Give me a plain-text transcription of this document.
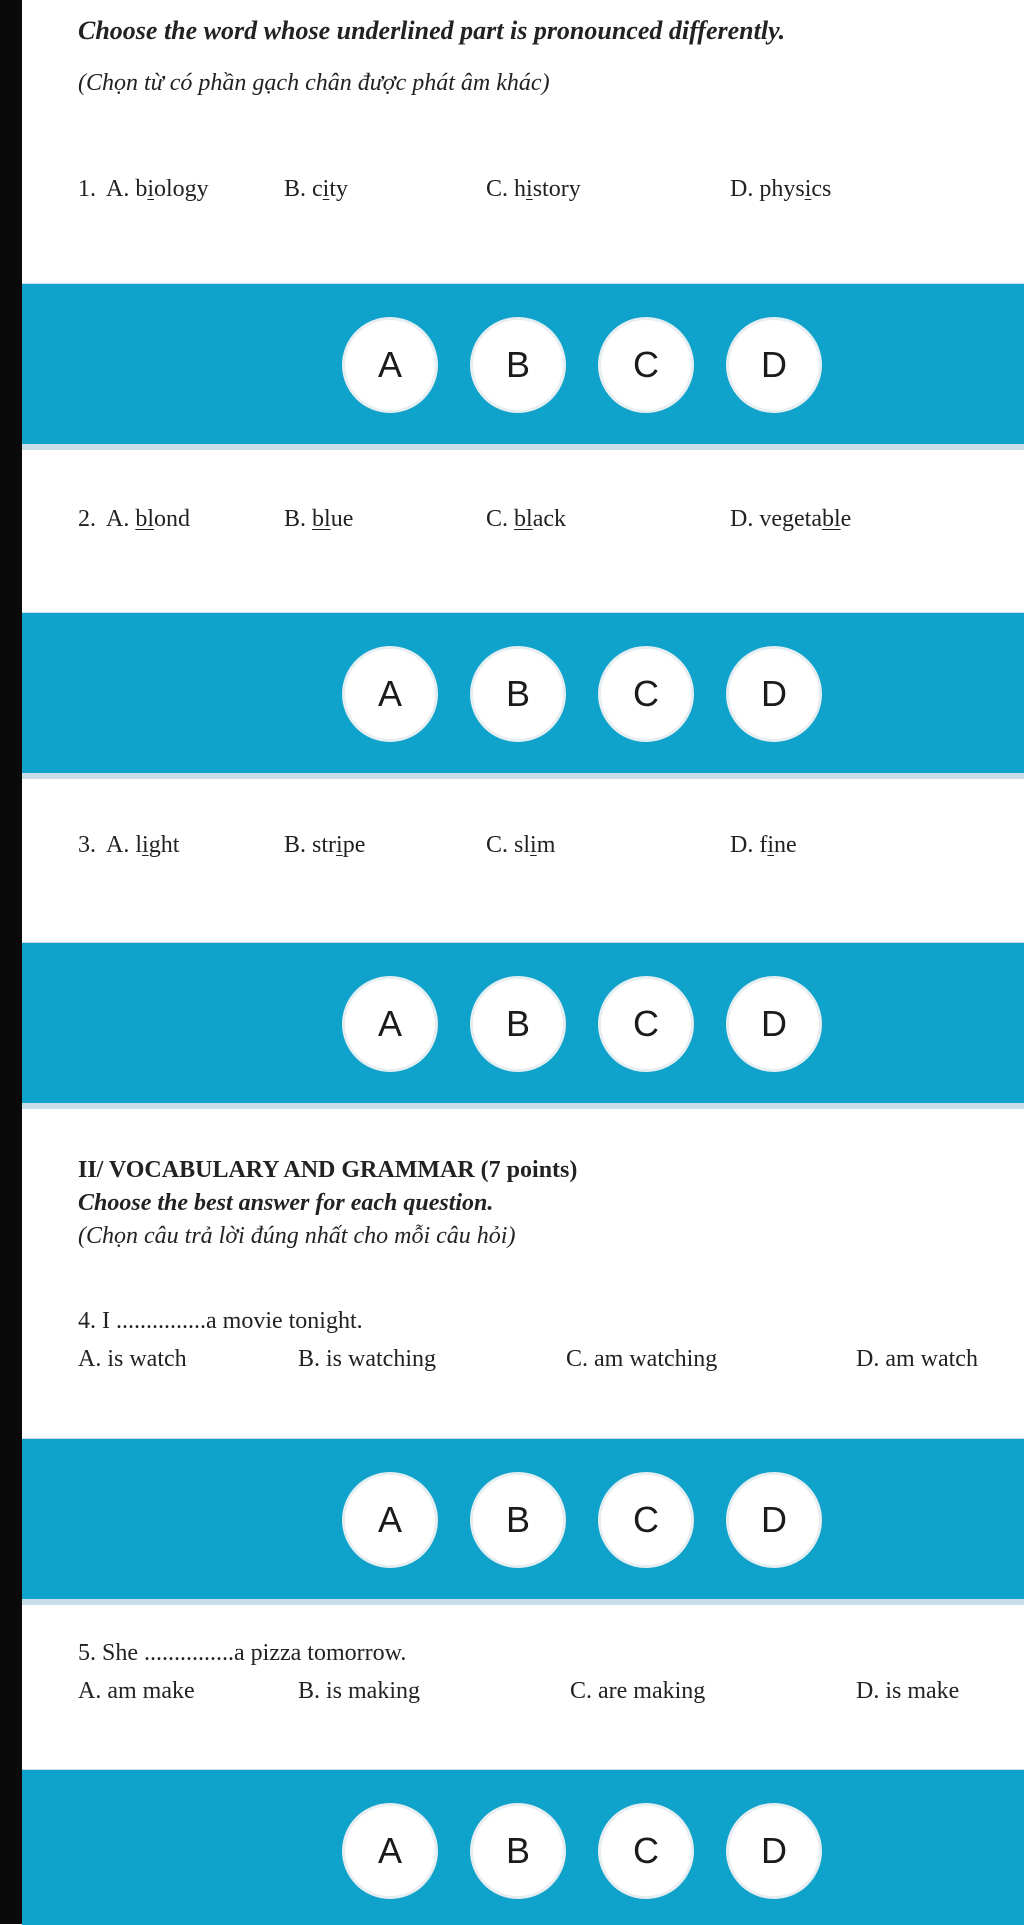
Choose the word whose underlined part is pronounced differently.
(Chọn từ có phần gạch chân được phát âm khác)
1. A. biology	B. city	C. history	D. physics
A	B	C	D
2. A. blond	B. blue	C. black	D. vegetable
A	B	C	D
3. A. light	B. stripe	C. slim	D. fine
A	B	C	D
II/ VOCABULARY AND GRAMMAR (7 points)
Choose the best answer for each question.
(Chọn câu trả lời đúng nhất cho mỗi câu hỏi)
4. I ...............a movie tonight.
A. is watch	B. is watching	C. am watching	D. am watch
A	B	C	D
5. She ...............a pizza tomorrow.
A. am make	B. is making	C. are making	D. is make
A	B	C	D
